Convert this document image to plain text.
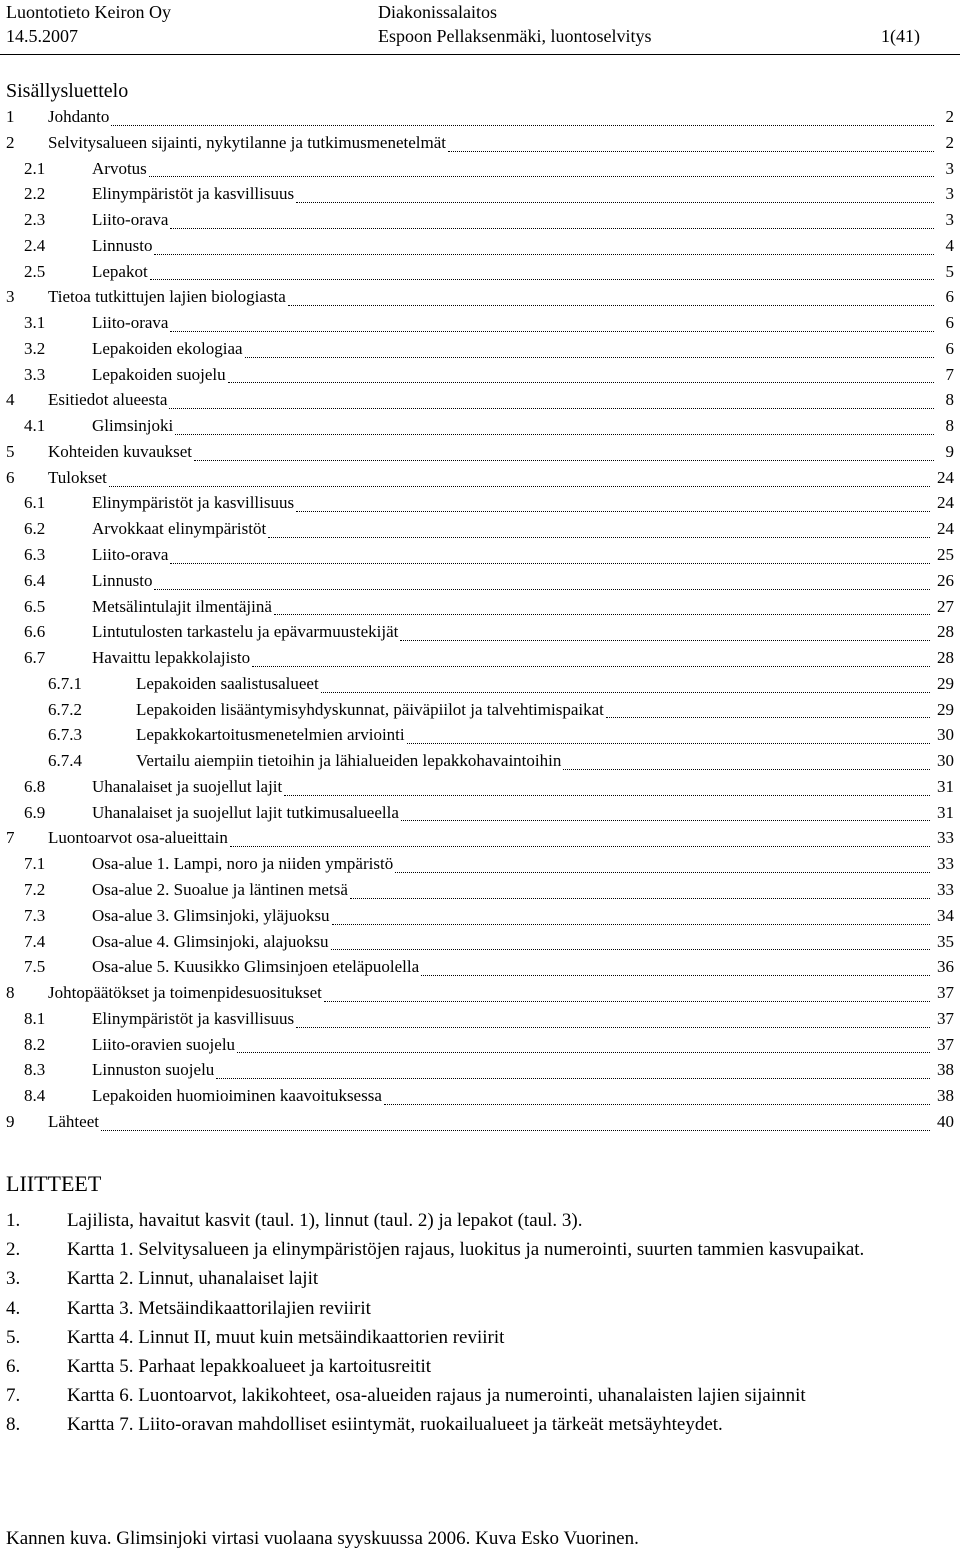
Luontotieto Keiron Oy
14.5.2007
Diakonissalaitos
Espoon Pellaksenmäki, luontoselvitys	1(41)
Sisällysluettelo
1 Johdanto	2
2 Selvitysalueen sijainti, nykytilanne ja tutkimusmenetelmät	2
2.1	Arvotus	3
2.2	Elinympäristöt ja kasvillisuus	3
2.3	Liito-orava	3
2.4	Linnusto	4
2.5	Lepakot	5
3 Tietoa tutkittujen lajien biologiasta	6
3.1	Liito-orava	6
3.2	Lepakoiden ekologiaa	6
3.3	Lepakoiden suojelu	7
4 Esitiedot alueesta	8
4.1	Glimsinjoki	8
5 Kohteiden kuvaukset	9
6 Tulokset	24
6.1	Elinympäristöt ja kasvillisuus	24
6.2	Arvokkaat elinympäristöt	24
6.3	Liito-orava	25
6.4	Linnusto	26
6.5	Metsälintulajit ilmentäjinä	27
6.6	Lintutulosten tarkastelu ja epävarmuustekijät	28
6.7	Havaittu lepakkolajisto	28
6.7.1	Lepakoiden saalistusalueet	29
6.7.2	Lepakoiden lisääntymisyhdyskunnat, päiväpiilot ja talvehtimispaikat	29
6.7.3	Lepakkokartoitusmenetelmien arviointi	30
6.7.4	Vertailu aiempiin tietoihin ja lähialueiden lepakkohavaintoihin	30
6.8	Uhanalaiset ja suojellut lajit	31
6.9	Uhanalaiset ja suojellut lajit tutkimusalueella	31
7 Luontoarvot osa-alueittain	33
7.1	Osa-alue 1. Lampi, noro ja niiden ympäristö	33
7.2	Osa-alue 2. Suoalue ja läntinen metsä	33
7.3	Osa-alue 3. Glimsinjoki, yläjuoksu	34
7.4	Osa-alue 4. Glimsinjoki, alajuoksu	35
7.5	Osa-alue 5. Kuusikko Glimsinjoen eteläpuolella	36
8 Johtopäätökset ja toimenpidesuositukset	37
8.1	Elinympäristöt ja kasvillisuus	37
8.2	Liito-oravien suojelu	37
8.3	Linnuston suojelu	38
8.4	Lepakoiden huomioiminen kaavoituksessa	38
9 Lähteet	40
LIITTEET
1. Lajilista, havaitut kasvit (taul. 1), linnut (taul. 2) ja lepakot (taul. 3).
2. Kartta 1. Selvitysalueen ja elinympäristöjen rajaus, luokitus ja numerointi, suurten tammien kasvupaikat.
3. Kartta 2. Linnut, uhanalaiset lajit
4. Kartta 3. Metsäindikaattorilajien reviirit
5. Kartta 4. Linnut II, muut kuin metsäindikaattorien reviirit
6. Kartta 5. Parhaat lepakkoalueet ja kartoitusreitit
7. Kartta 6. Luontoarvot, lakikohteet, osa-alueiden rajaus ja numerointi, uhanalaisten lajien sijainnit
8. Kartta 7. Liito-oravan mahdolliset esiintymät, ruokailualueet ja tärkeät metsäyhteydet.
Kannen kuva. Glimsinjoki virtasi vuolaana syyskuussa 2006. Kuva Esko Vuorinen.
